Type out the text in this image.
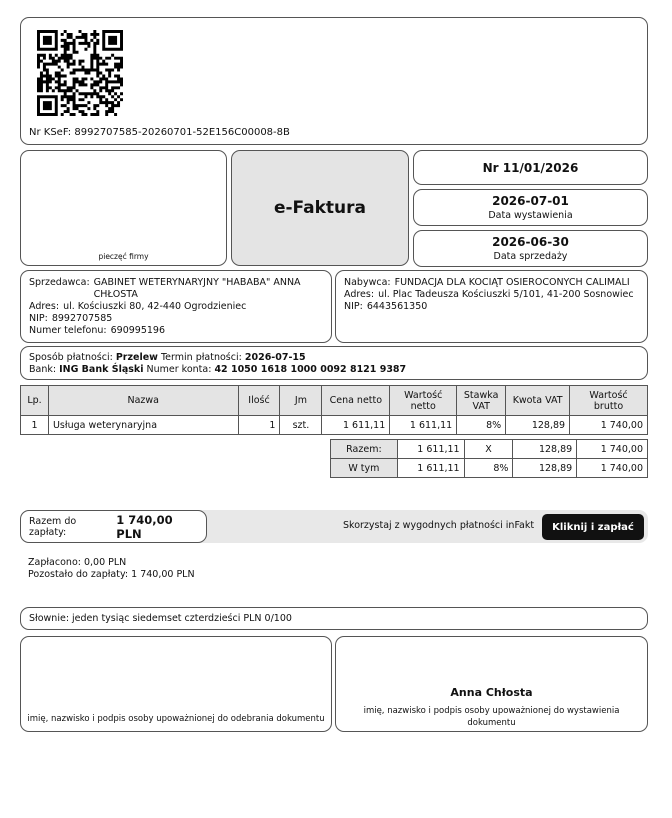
Nr KSeF: 8992707585-20260701-52E156C00008-8B
pieczęć firmy
e-Faktura
Nr 11/01/2026
2026-07-01
Data wystawienia
2026-06-30
Data sprzedaży
Sprzedawca: GABINET WETERYNARYJNY "HABABA" ANNA CHŁOSTA
Adres: ul. Kościuszki 80, 42-440 Ogrodzieniec
NIP: 8992707585
Numer telefonu: 690995196
Nabywca: FUNDACJA DLA KOCIĄT OSIEROCONYCH CALIMALI
Adres: ul. Plac Tadeusza Kościuszki 5/101, 41-200 Sosnowiec
NIP: 6443561350
Sposób płatności: Przelew Termin płatności: 2026-07-15
Bank: ING Bank Śląski Numer konta: 42 1050 1618 1000 0092 8121 9387
Lp.	Nazwa	Ilość	Jm	Cena netto	Wartość netto	Stawka VAT	Kwota VAT	Wartość brutto
1	Usługa weterynaryjna	1	szt.	1 611,11	1 611,11	8%	128,89	1 740,00
Razem:	1 611,11	X	128,89	1 740,00
W tym	1 611,11	8%	128,89	1 740,00
Razem do zapłaty:
1 740,00 PLN
Skorzystaj z wygodnych płatności inFakt	Kliknij i zapłać
Zapłacono: 0,00 PLN
Pozostało do zapłaty: 1 740,00 PLN
Słownie: jeden tysiąc siedemset czterdzieści PLN 0/100
imię, nazwisko i podpis osoby upoważnionej do odebrania dokumentu
Anna Chłosta
imię, nazwisko i podpis osoby upoważnionej do wystawienia dokumentu
